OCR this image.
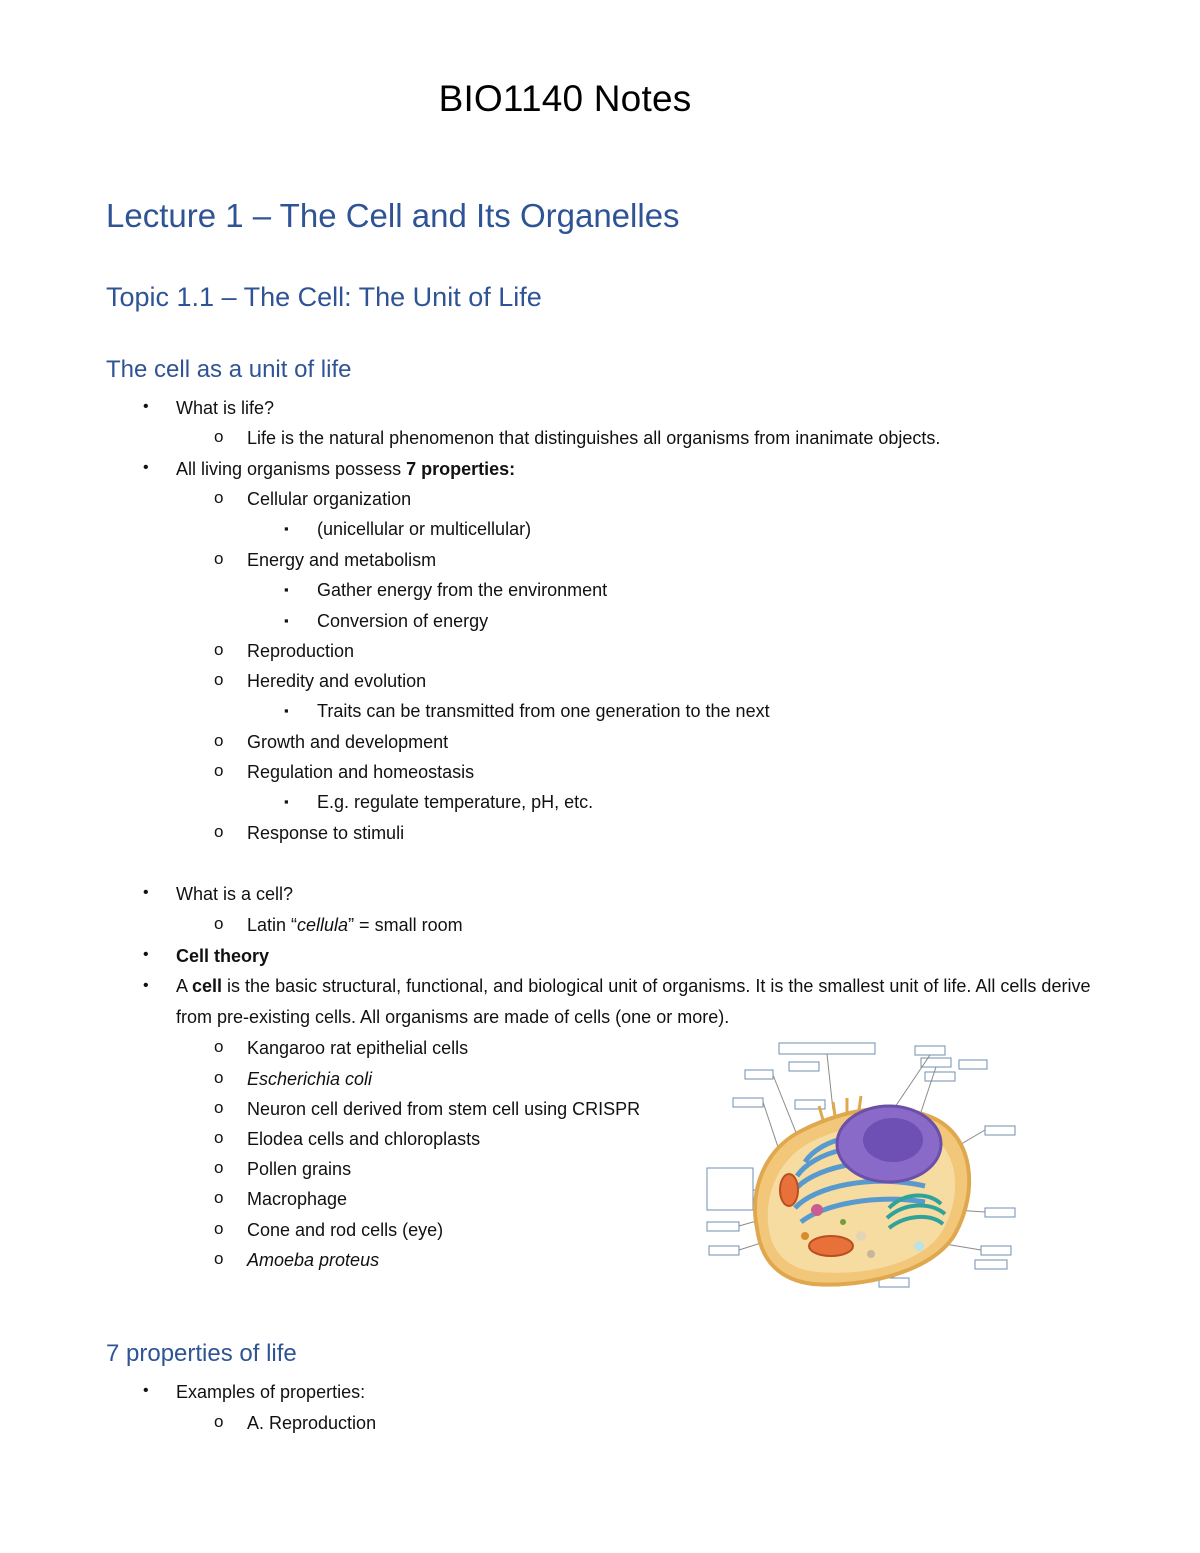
BIO1140 Notes
Lecture 1 – The Cell and Its Organelles
Topic 1.1 – The Cell: The Unit of Life
The cell as a unit of life
• What is life?
o Life is the natural phenomenon that distinguishes all organisms from inanimate objects.
• All living organisms possess 7 properties:
o Cellular organization
▪ (unicellular or multicellular)
o Energy and metabolism
▪ Gather energy from the environment
▪ Conversion of energy
o Reproduction
o Heredity and evolution
▪ Traits can be transmitted from one generation to the next
o Growth and development
o Regulation and homeostasis
▪ E.g. regulate temperature, pH, etc.
o Response to stimuli
• What is a cell?
o Latin “cellula” = small room
• Cell theory
• A cell is the basic structural, functional, and biological unit of organisms. It is the smallest unit of life. All cells derive from pre-existing cells. All organisms are made of cells (one or more).
o Kangaroo rat epithelial cells
o Escherichia coli
o Neuron cell derived from stem cell using CRISPR
o Elodea cells and chloroplasts
o Pollen grains
o Macrophage
o Cone and rod cells (eye)
o Amoeba proteus
7 properties of life
• Examples of properties:
o A. Reproduction
